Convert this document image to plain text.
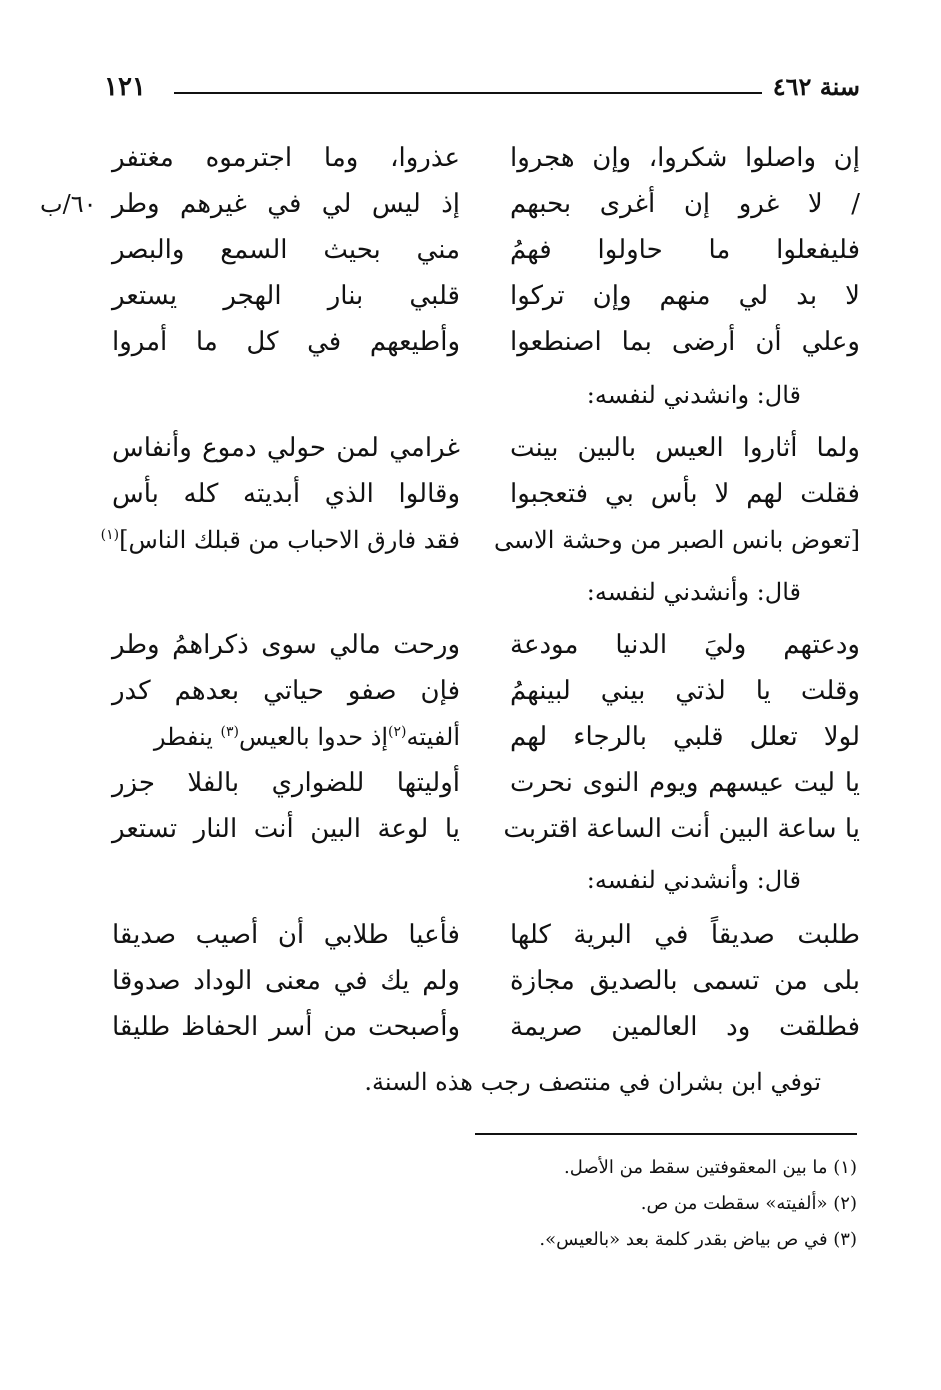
سنة ٤٦٢
١٢١
إن واصلوا شكروا، وإن هجروا
عذروا، وما اجترموه مغتفر
/ لا غرو إن أغرى بحبهم
إذ ليس لي في غيرهم وطر
٦٠/ب
فليفعلوا ما حاولوا فهمُ
مني بحيث السمع والبصر
لا بد لي منهم وإن تركوا
قلبي بنار الهجر يستعر
وعلي أن أرضى بما اصنطعوا
وأطيعهم في كل ما أمروا
قال: وانشدني لنفسه:
ولما أثاروا العيس بالبين بينت
غرامي لمن حولي دموع وأنفاس
فقلت لهم لا بأس بي فتعجبوا
وقالوا الذي أبديته كله بأس
[تعوض بانس الصبر من وحشة الاسى
فقد فارق الاحباب من قبلك الناس]$^{(١)}$
قال: وأنشدني لنفسه:
ودعتهم وليَ الدنيا مودعة
ورحت مالي سوى ذكراهمُ وطر
وقلت يا لذتي بيني لبينهمُ
فإن صفو حياتي بعدهم كدر
لولا تعلل قلبي بالرجاء لهم
ألفيته$^{(٢)}$إذ حدوا بالعيس$^{(٣)}$ ينفطر
يا ليت عيسهم ويوم النوى نحرت
أوليتها للضواري بالفلا جزر
يا ساعة البين أنت الساعة اقتربت
يا لوعة البين أنت النار تستعر
قال: وأنشدني لنفسه:
طلبت صديقاً في البرية كلها
فأعيا طلابي أن أصيب صديقا
بلى من تسمى بالصديق مجازة
ولم يك في معنى الوداد صدوقا
فطلقت ود العالمين صريمة
وأصبحت من أسر الحفاظ طليقا
توفي ابن بشران في منتصف رجب هذه السنة.
(١) ما بين المعقوفتين سقط من الأصل.
(٢) «ألفيته» سقطت من ص.
(٣) في ص بياض بقدر كلمة بعد «بالعيس».
